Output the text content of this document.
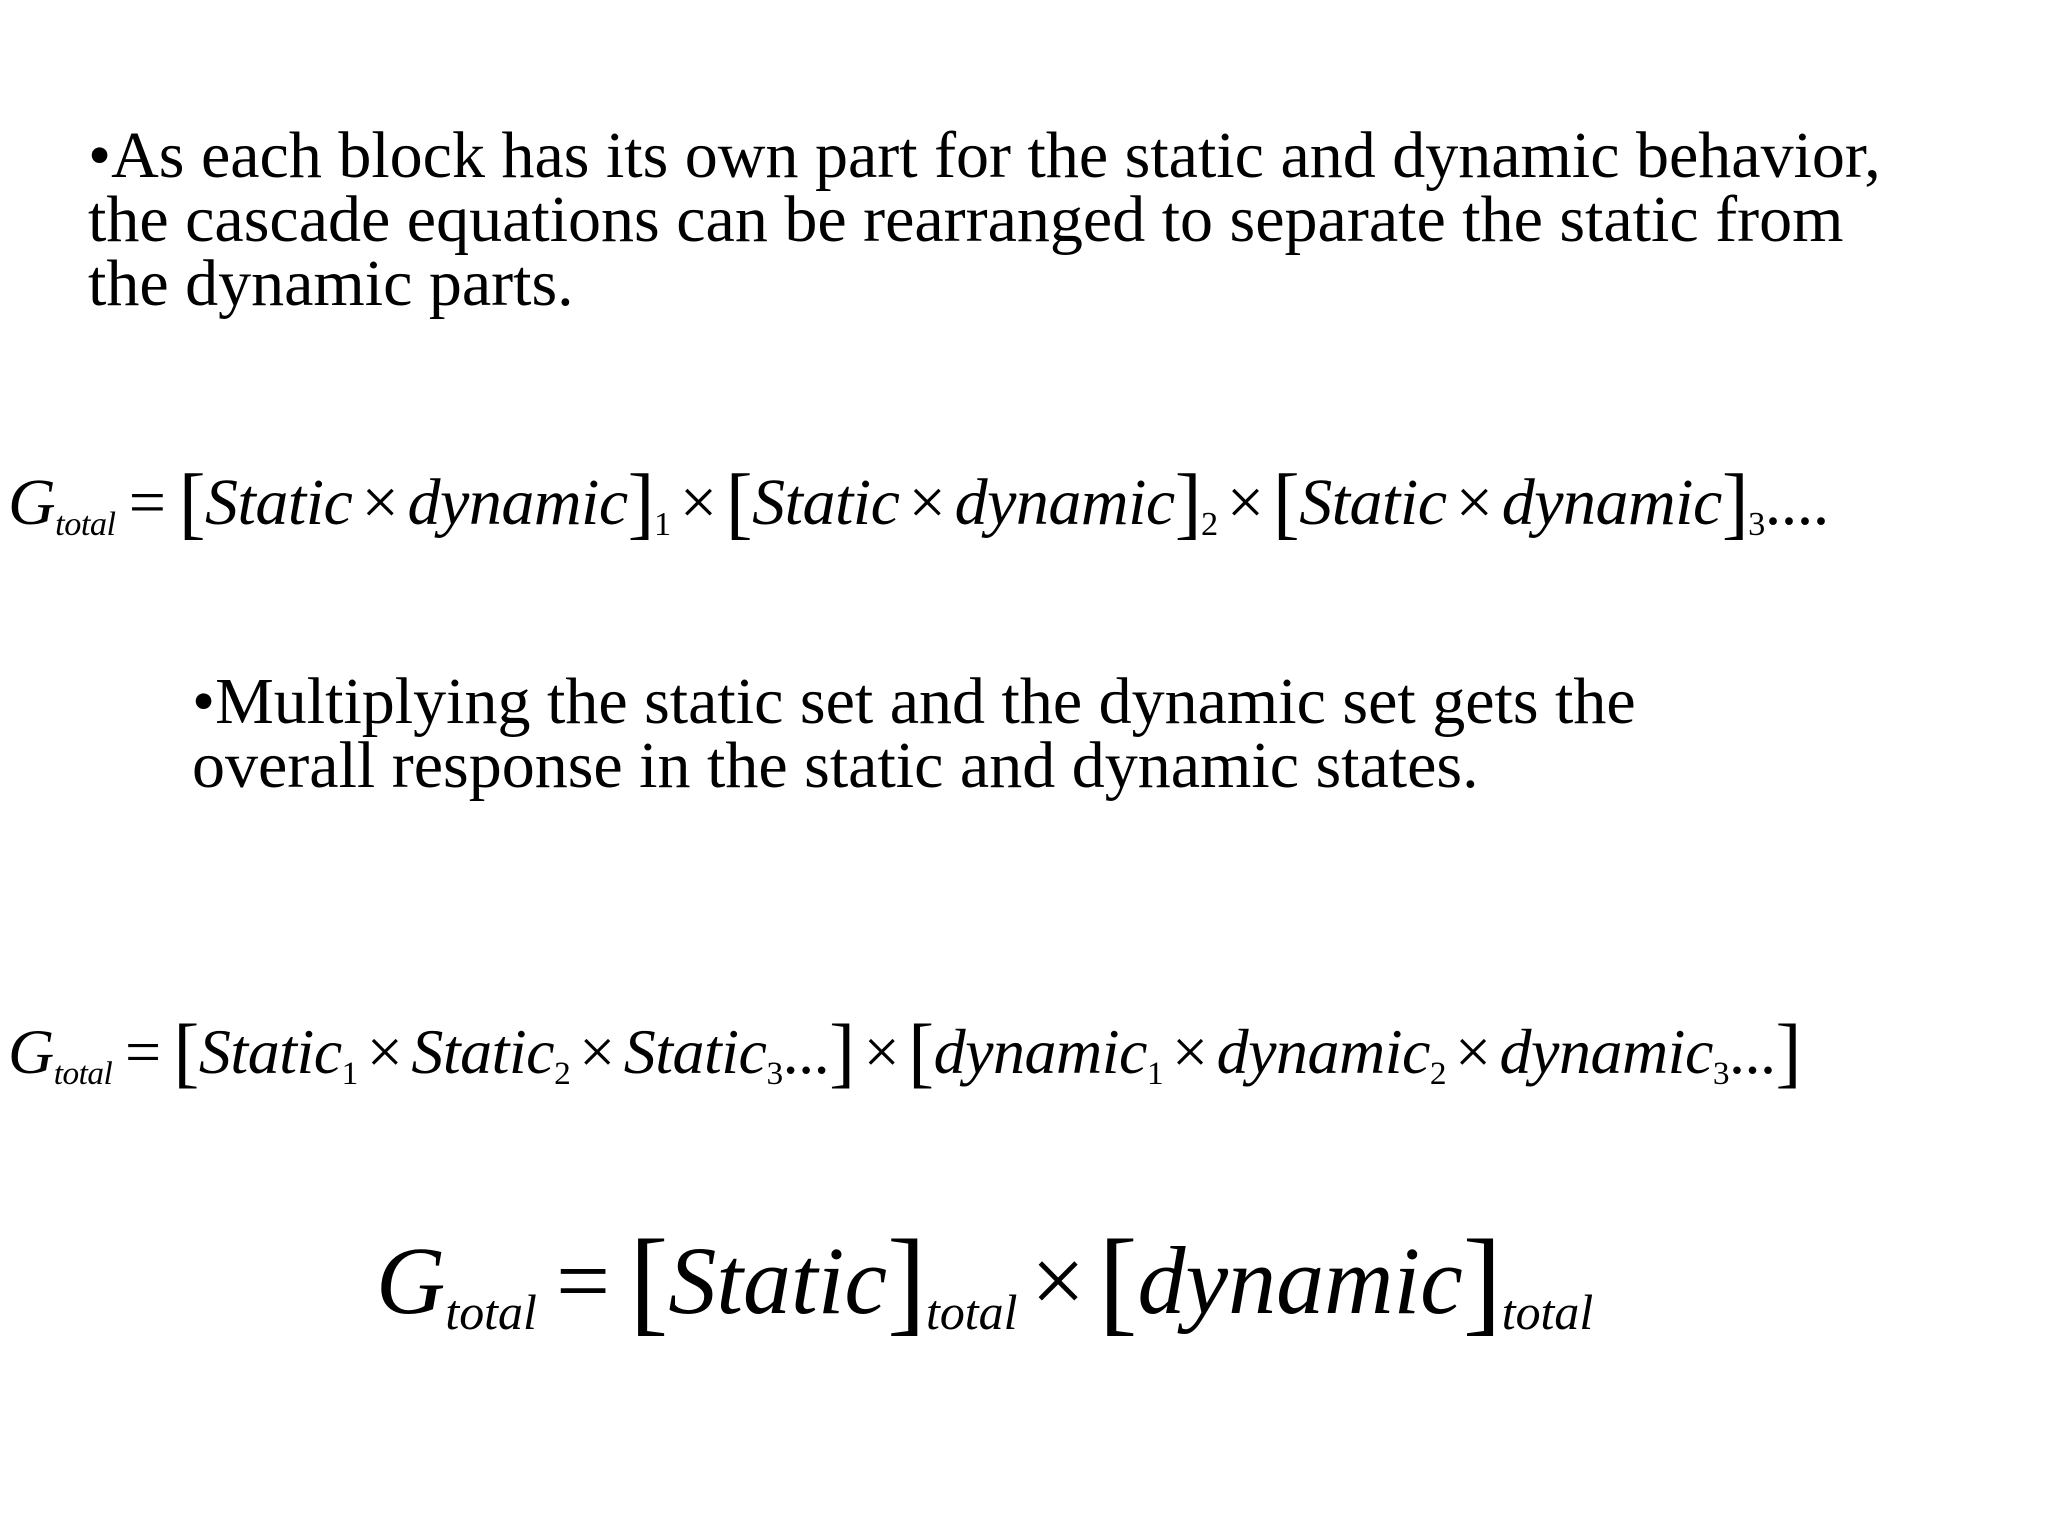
•As each block has its own part for the static and dynamic behavior,
the cascade equations can be rearranged to separate the static from
the dynamic parts.

Gtotal = [Static × dynamic]1 × [Static × dynamic]2 × [Static × dynamic]3....

•Multiplying the static set and the dynamic set gets the
overall response in the static and dynamic states.

Gtotal = [Static1 × Static2 × Static3...] × [dynamic1 × dynamic2 × dynamic3...]
Gtotal = [Static]total × [dynamic]total
